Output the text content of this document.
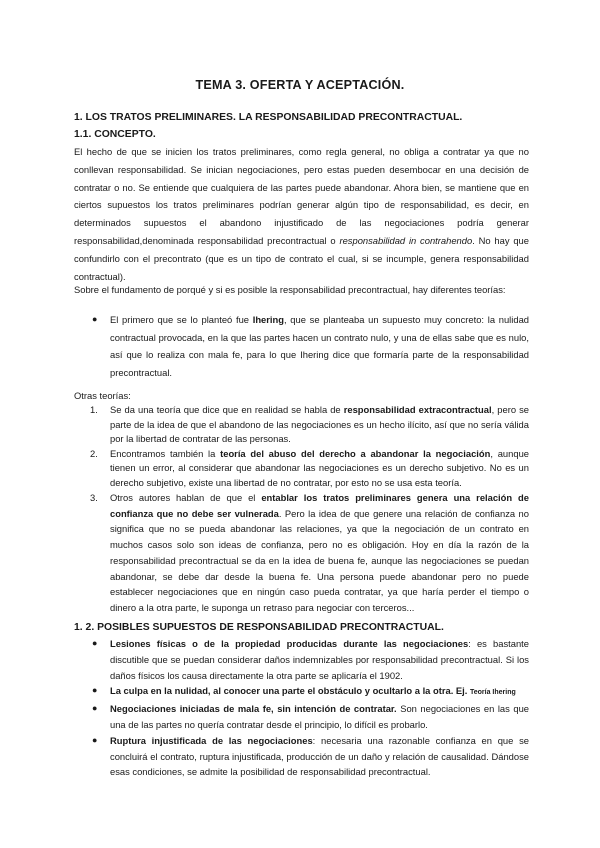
TEMA 3. OFERTA Y ACEPTACIÓN.
1. LOS TRATOS PRELIMINARES. LA RESPONSABILIDAD PRECONTRACTUAL.
1.1. CONCEPTO.
El hecho de que se inicien los tratos preliminares, como regla general, no obliga a contratar ya que no conllevan responsabilidad. Se inician negociaciones, pero estas pueden desembocar en una decisión de contratar o no. Se entiende que cualquiera de las partes puede abandonar. Ahora bien, se mantiene que en ciertos supuestos los tratos preliminares podrían generar algún tipo de responsabilidad, es decir, en determinados supuestos el abandono injustificado de las negociaciones podría generar responsabilidad,denominada responsabilidad precontractual o responsabilidad in contrahendo. No hay que confundirlo con el precontrato (que es un tipo de contrato el cual, si se incumple, genera responsabilidad contractual).
Sobre el fundamento de porqué y si es posible la responsabilidad precontractual, hay diferentes teorías:
● El primero que se lo planteó fue Ihering, que se planteaba un supuesto muy concreto: la nulidad contractual provocada, en la que las partes hacen un contrato nulo, y una de ellas sabe que es nulo, así que lo realiza con mala fe, para lo que Ihering dice que formaría parte de la responsabilidad precontractual.
Otras teorías:
1. Se da una teoría que dice que en realidad se habla de responsabilidad extracontractual, pero se parte de la idea de que el abandono de las negociaciones es un hecho ilícito, así que no sería válida por la libertad de contratar de las personas.
2. Encontramos también la teoría del abuso del derecho a abandonar la negociación, aunque tienen un error, al considerar que abandonar las negociaciones es un derecho subjetivo. No es un derecho subjetivo, existe una libertad de no contratar, por esto no se usa esta teoría.
3. Otros autores hablan de que el entablar los tratos preliminares genera una relación de confianza que no debe ser vulnerada. Pero la idea de que genere una relación de confianza no significa que no se pueda abandonar las relaciones, ya que la negociación de un contrato en muchos casos solo son ideas de confianza, pero no es obligación. Hoy en día la razón de la responsabilidad precontractual se da en la idea de buena fe, aunque las negociaciones se puedan abandonar, se debe dar desde la buena fe. Una persona puede abandonar pero no puede establecer negociaciones que en ningún caso pueda contratar, ya que haría perder el tiempo o dinero a la otra parte, le suponga un retraso para negociar con terceros...
1. 2. POSIBLES SUPUESTOS DE RESPONSABILIDAD PRECONTRACTUAL.
● Lesiones físicas o de la propiedad producidas durante las negociaciones: es bastante discutible que se puedan considerar daños indemnizables por responsabilidad precontractual. Si los daños físicos los causa directamente la otra parte se aplicaría el 1902.
● La culpa en la nulidad, al conocer una parte el obstáculo y ocultarlo a la otra. Ej. Teoría Ihering
● Negociaciones iniciadas de mala fe, sin intención de contratar. Son negociaciones en las que una de las partes no quería contratar desde el principio, lo difícil es probarlo.
● Ruptura injustificada de las negociaciones: necesaria una razonable confianza en que se concluirá el contrato, ruptura injustificada, producción de un daño y relación de causalidad. Dándose esas condiciones, se admite la posibilidad de responsabilidad precontractual.
